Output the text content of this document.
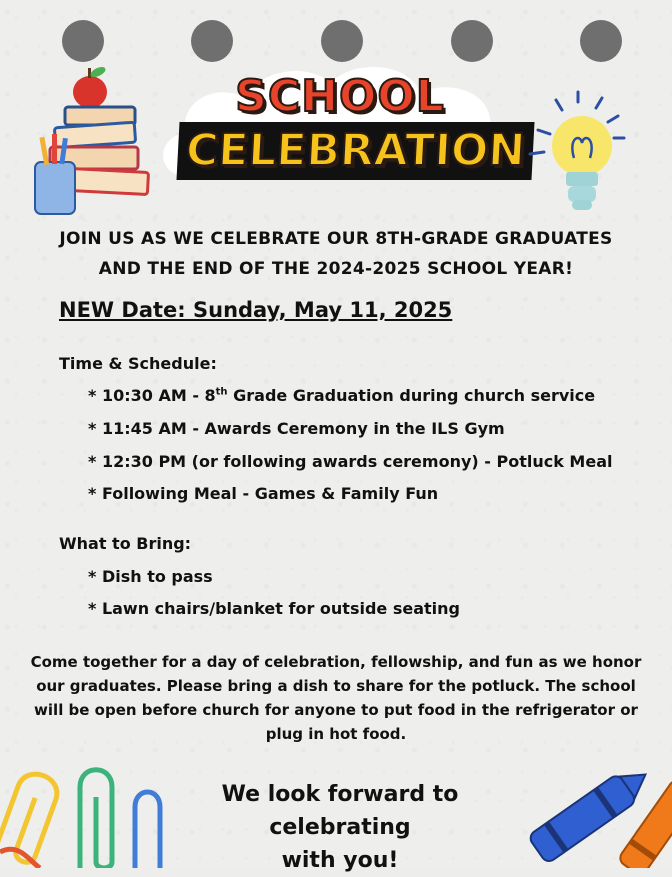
SCHOOL
CELEBRATION
JOIN US AS WE CELEBRATE OUR 8TH-GRADE GRADUATES
AND THE END OF THE 2024-2025 SCHOOL YEAR!
NEW Date: Sunday, May 11, 2025
Time & Schedule:
* 10:30 AM - 8th Grade Graduation during church service
* 11:45 AM - Awards Ceremony in the ILS Gym
* 12:30 PM (or following awards ceremony) - Potluck Meal
* Following Meal - Games & Family Fun
What to Bring:
* Dish to pass
* Lawn chairs/blanket for outside seating
Come together for a day of celebration, fellowship, and fun as we honor our graduates. Please bring a dish to share for the potluck. The school will be open before church for anyone to put food in the refrigerator or plug in hot food.
We look forward to celebrating
with you!
